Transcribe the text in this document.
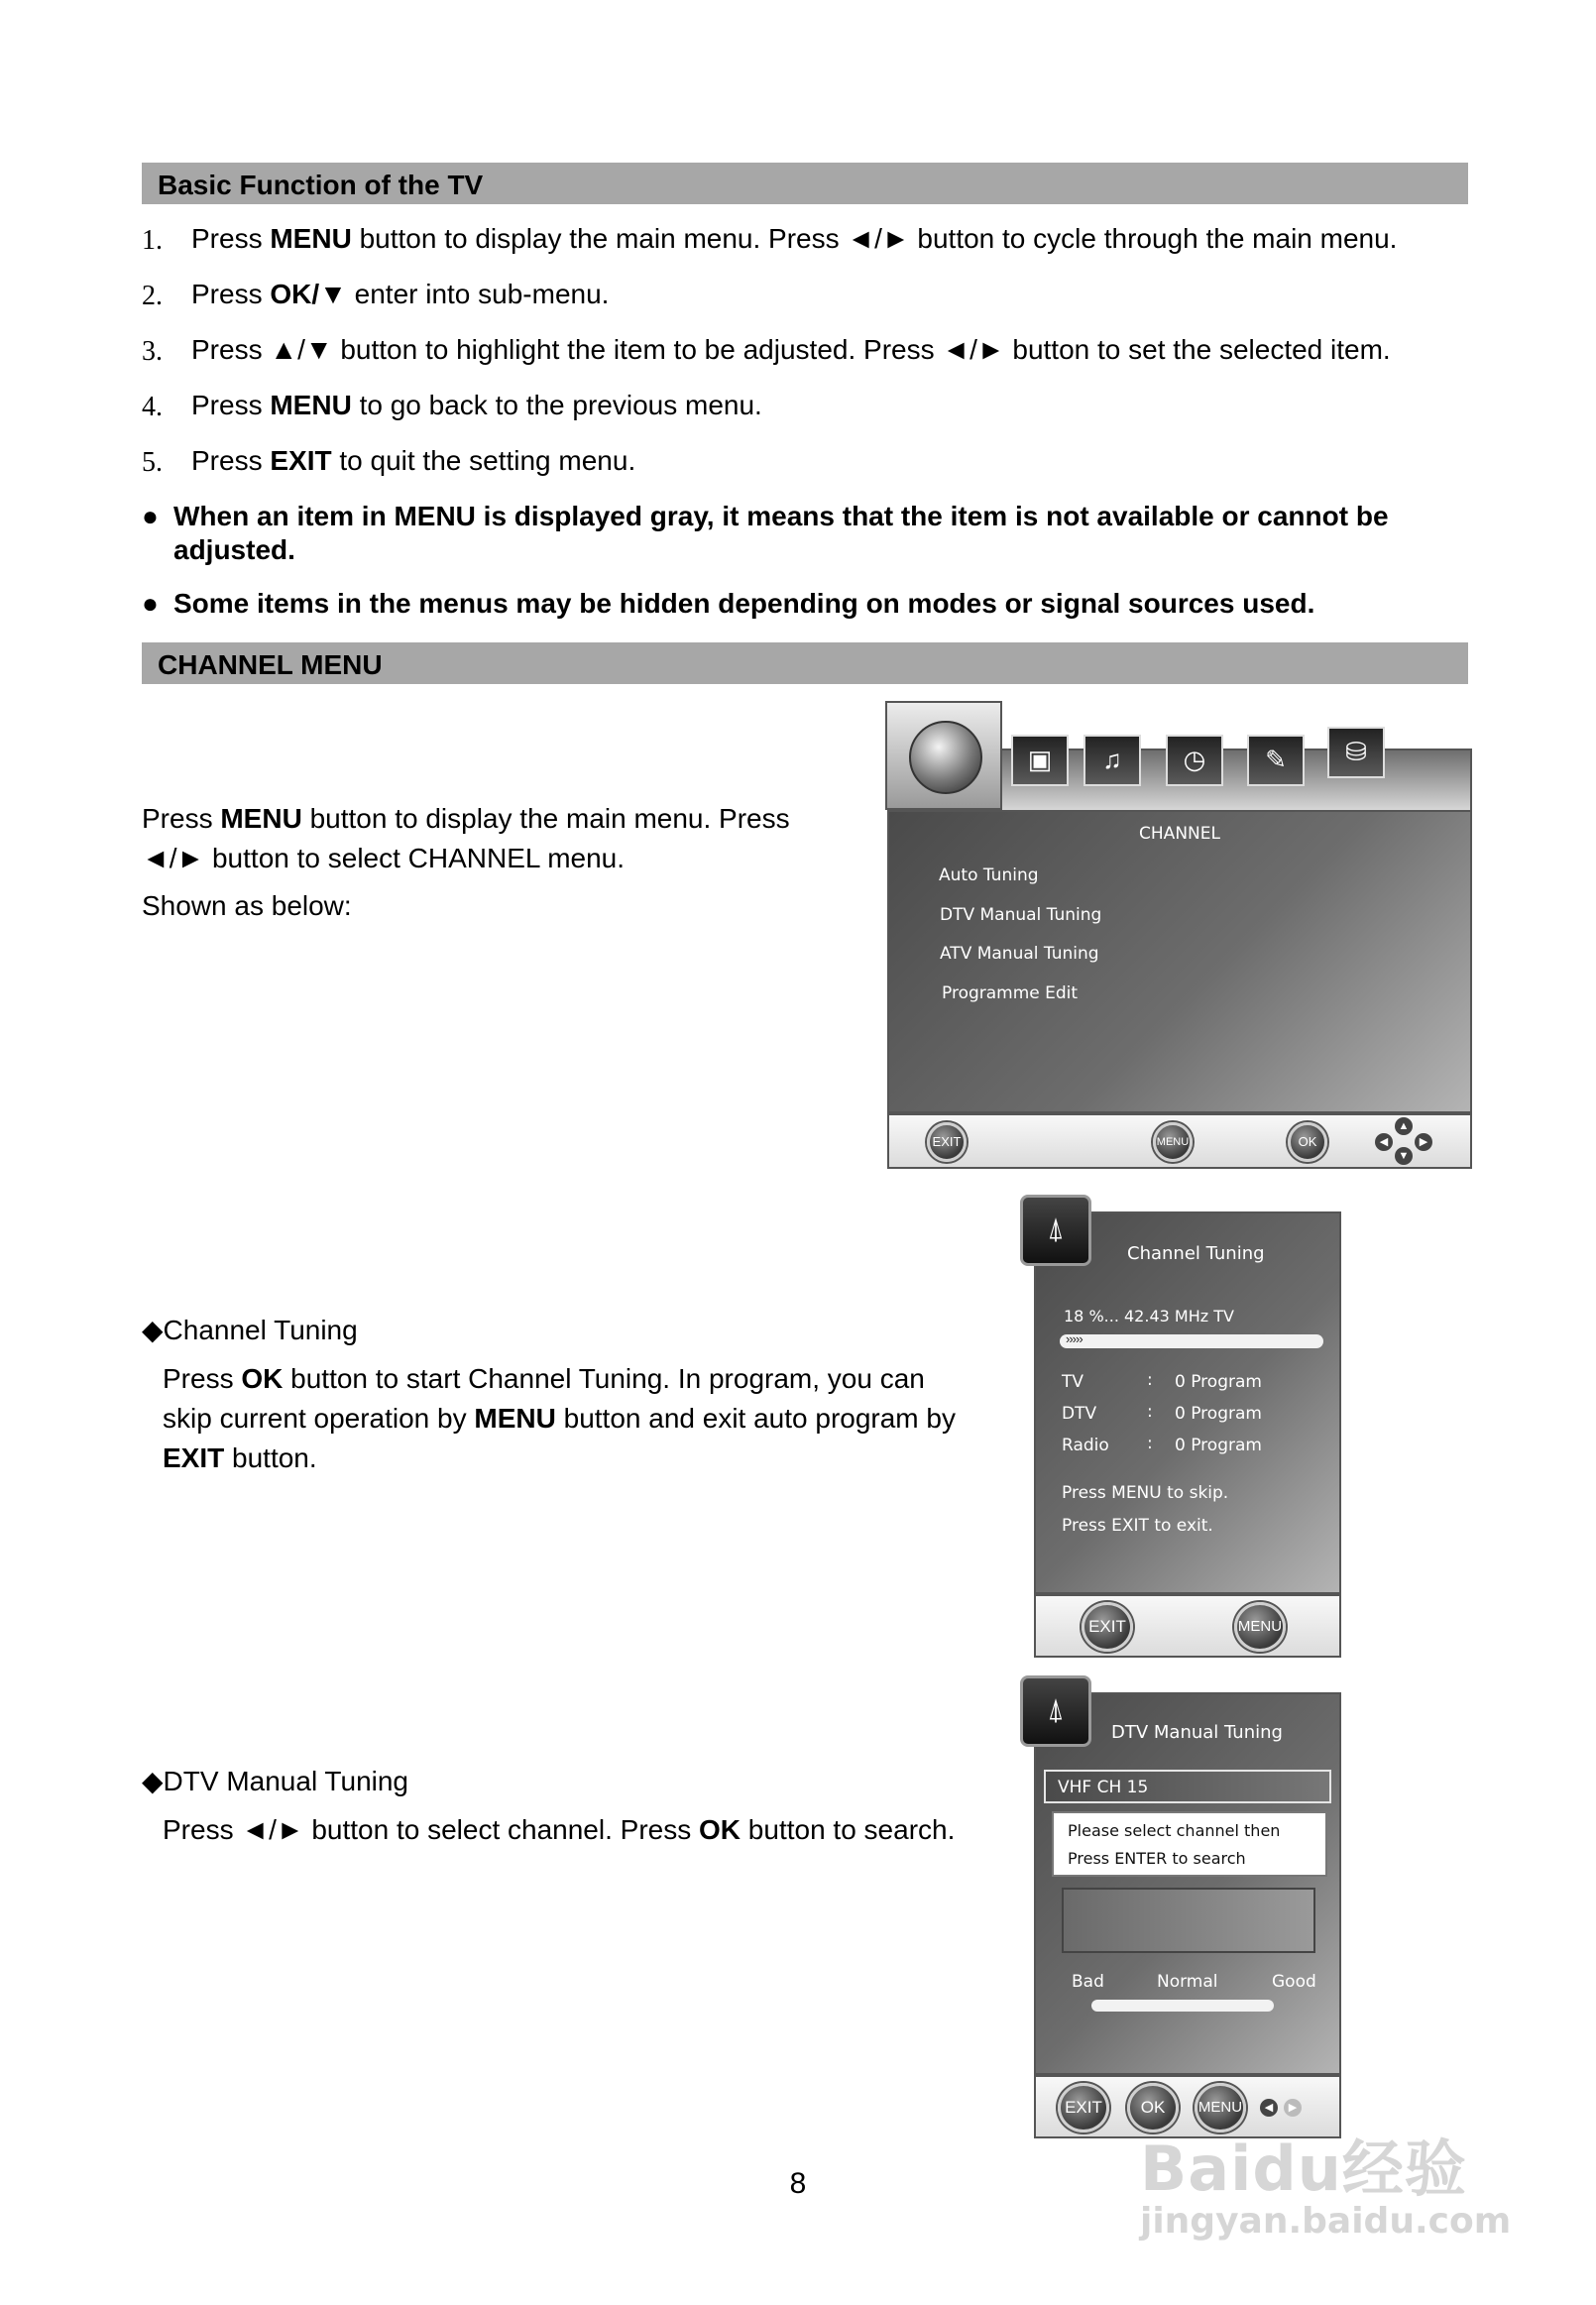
Basic Function of the TV
1. Press MENU button to display the main menu. Press ◄/► button to cycle through the main menu.
2. Press OK/▼ enter into sub-menu.
3. Press ▲/▼ button to highlight the item to be adjusted. Press ◄/► button to set the selected item.
4. Press MENU to go back to the previous menu.
5. Press EXIT to quit the setting menu.
● When an item in MENU is displayed gray, it means that the item is not available or cannot be adjusted.
● Some items in the menus may be hidden depending on modes or signal sources used.
CHANNEL MENU
Press MENU button to display the main menu. Press
◄/► button to select CHANNEL menu.
Shown as below:
▣	♫	◷	✎	⛁
CHANNEL
Auto Tuning
DTV Manual Tuning
ATV Manual Tuning
Programme Edit
EXIT	MENU	OK	◀
▲
▼
▶
◆Channel Tuning
Press OK button to start Channel Tuning. In program, you can
skip current operation by MENU button and exit auto program by
EXIT button.
Channel Tuning
18 %... 42.43 MHz TV
›››››
TV	: 0 Program
DTV	: 0 Program
Radio : 0 Program
Press MENU to skip.
Press EXIT to exit.
⍋
EXIT	MENU
◆DTV Manual Tuning
Press ◄/► button to select channel. Press OK button to search.
DTV Manual Tuning
VHF CH 15
Please select channel then
Press ENTER to search
Bad	Normal	Good
⍋
EXIT	OK	MENU	◀	▶
8	Baidu经验
jingyan.baidu.com
